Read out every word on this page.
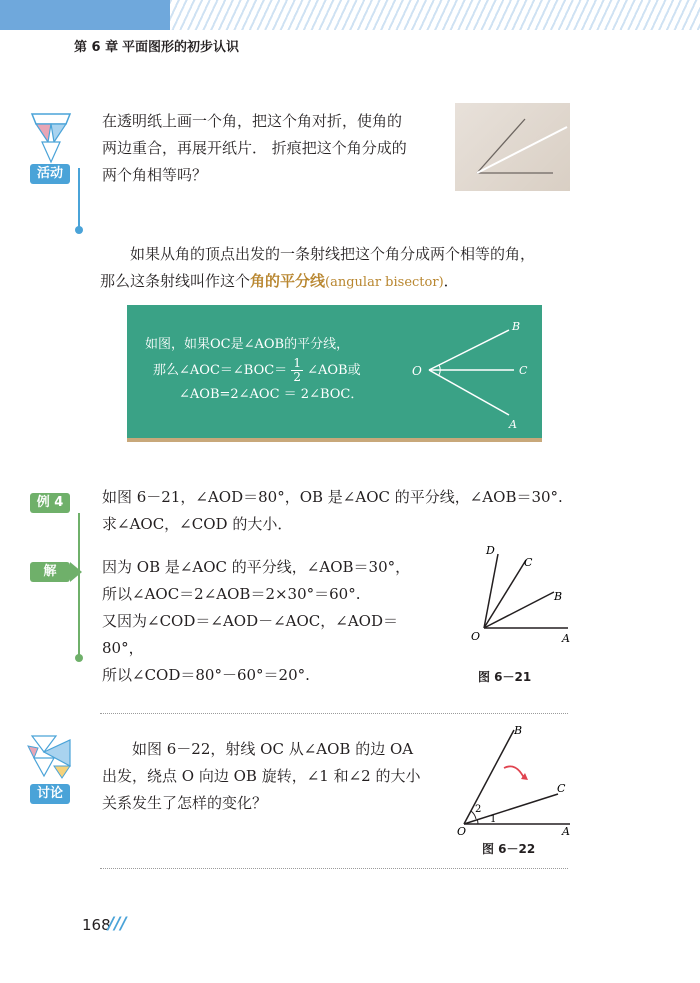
第 6 章 平面图形的初步认识
活动
在透明纸上画一个角，把这个角对折，使角的
两边重合，再展开纸片． 折痕把这个角分成的
两个角相等吗？
如果从角的顶点出发的一条射线把这个角分成两个相等的角，
那么这条射线叫作这个角的平分线(angular bisector)．
如图，如果OC是∠AOB的平分线，
那么∠AOC＝∠BOC＝ $\frac{1}{2}$ ∠AOB或
∠AOB=2∠AOC ＝ 2∠BOC．
O
B
C
A
例 4	如图 6－21，∠AOD＝80°，OB 是∠AOC 的平分线，∠AOB＝30°.
求∠AOC，∠COD 的大小．
解	因为 OB 是∠AOC 的平分线，∠AOB＝30°，
所以∠AOC＝2∠AOB＝2×30°＝60°.
又因为∠COD＝∠AOD－∠AOC，∠AOD＝80°，
所以∠COD＝80°－60°＝20°.
O	A
B
C
D
图 6－21
讨论
如图 6－22，射线 OC 从∠AOB 的边 OA
出发，绕点 O 向边 OB 旋转，∠1 和∠2 的大小
关系发生了怎样的变化？
O	A
B
C
1
2
图 6－22
168
///
